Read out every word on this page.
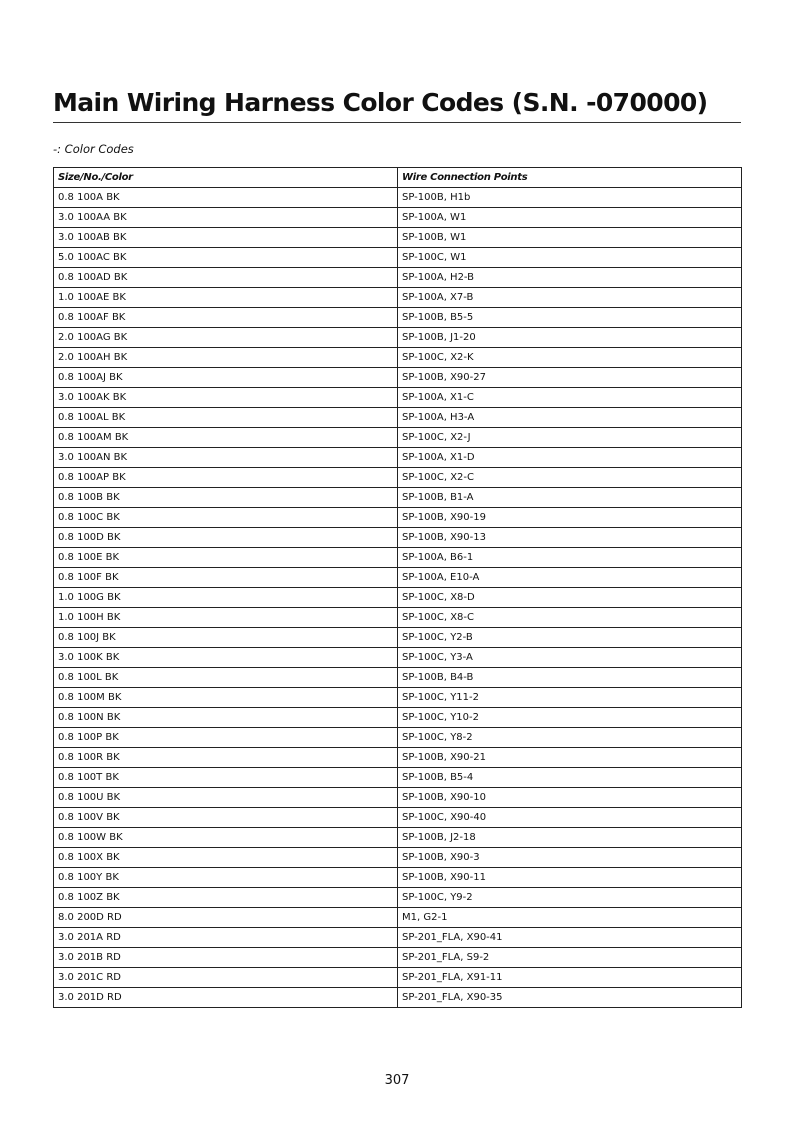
Main Wiring Harness Color Codes (S.N. -070000)
-: Color Codes
Size/No./Color	Wire Connection Points
0.8 100A BK	SP-100B, H1b
3.0 100AA BK	SP-100A, W1
3.0 100AB BK	SP-100B, W1
5.0 100AC BK	SP-100C, W1
0.8 100AD BK	SP-100A, H2-B
1.0 100AE BK	SP-100A, X7-B
0.8 100AF BK	SP-100B, B5-5
2.0 100AG BK	SP-100B, J1-20
2.0 100AH BK	SP-100C, X2-K
0.8 100AJ BK	SP-100B, X90-27
3.0 100AK BK	SP-100A, X1-C
0.8 100AL BK	SP-100A, H3-A
0.8 100AM BK	SP-100C, X2-J
3.0 100AN BK	SP-100A, X1-D
0.8 100AP BK	SP-100C, X2-C
0.8 100B BK	SP-100B, B1-A
0.8 100C BK	SP-100B, X90-19
0.8 100D BK	SP-100B, X90-13
0.8 100E BK	SP-100A, B6-1
0.8 100F BK	SP-100A, E10-A
1.0 100G BK	SP-100C, X8-D
1.0 100H BK	SP-100C, X8-C
0.8 100J BK	SP-100C, Y2-B
3.0 100K BK	SP-100C, Y3-A
0.8 100L BK	SP-100B, B4-B
0.8 100M BK	SP-100C, Y11-2
0.8 100N BK	SP-100C, Y10-2
0.8 100P BK	SP-100C, Y8-2
0.8 100R BK	SP-100B, X90-21
0.8 100T BK	SP-100B, B5-4
0.8 100U BK	SP-100B, X90-10
0.8 100V BK	SP-100C, X90-40
0.8 100W BK	SP-100B, J2-18
0.8 100X BK	SP-100B, X90-3
0.8 100Y BK	SP-100B, X90-11
0.8 100Z BK	SP-100C, Y9-2
8.0 200D RD	M1, G2-1
3.0 201A RD	SP-201_FLA, X90-41
3.0 201B RD	SP-201_FLA, S9-2
3.0 201C RD	SP-201_FLA, X91-11
3.0 201D RD	SP-201_FLA, X90-35
307
